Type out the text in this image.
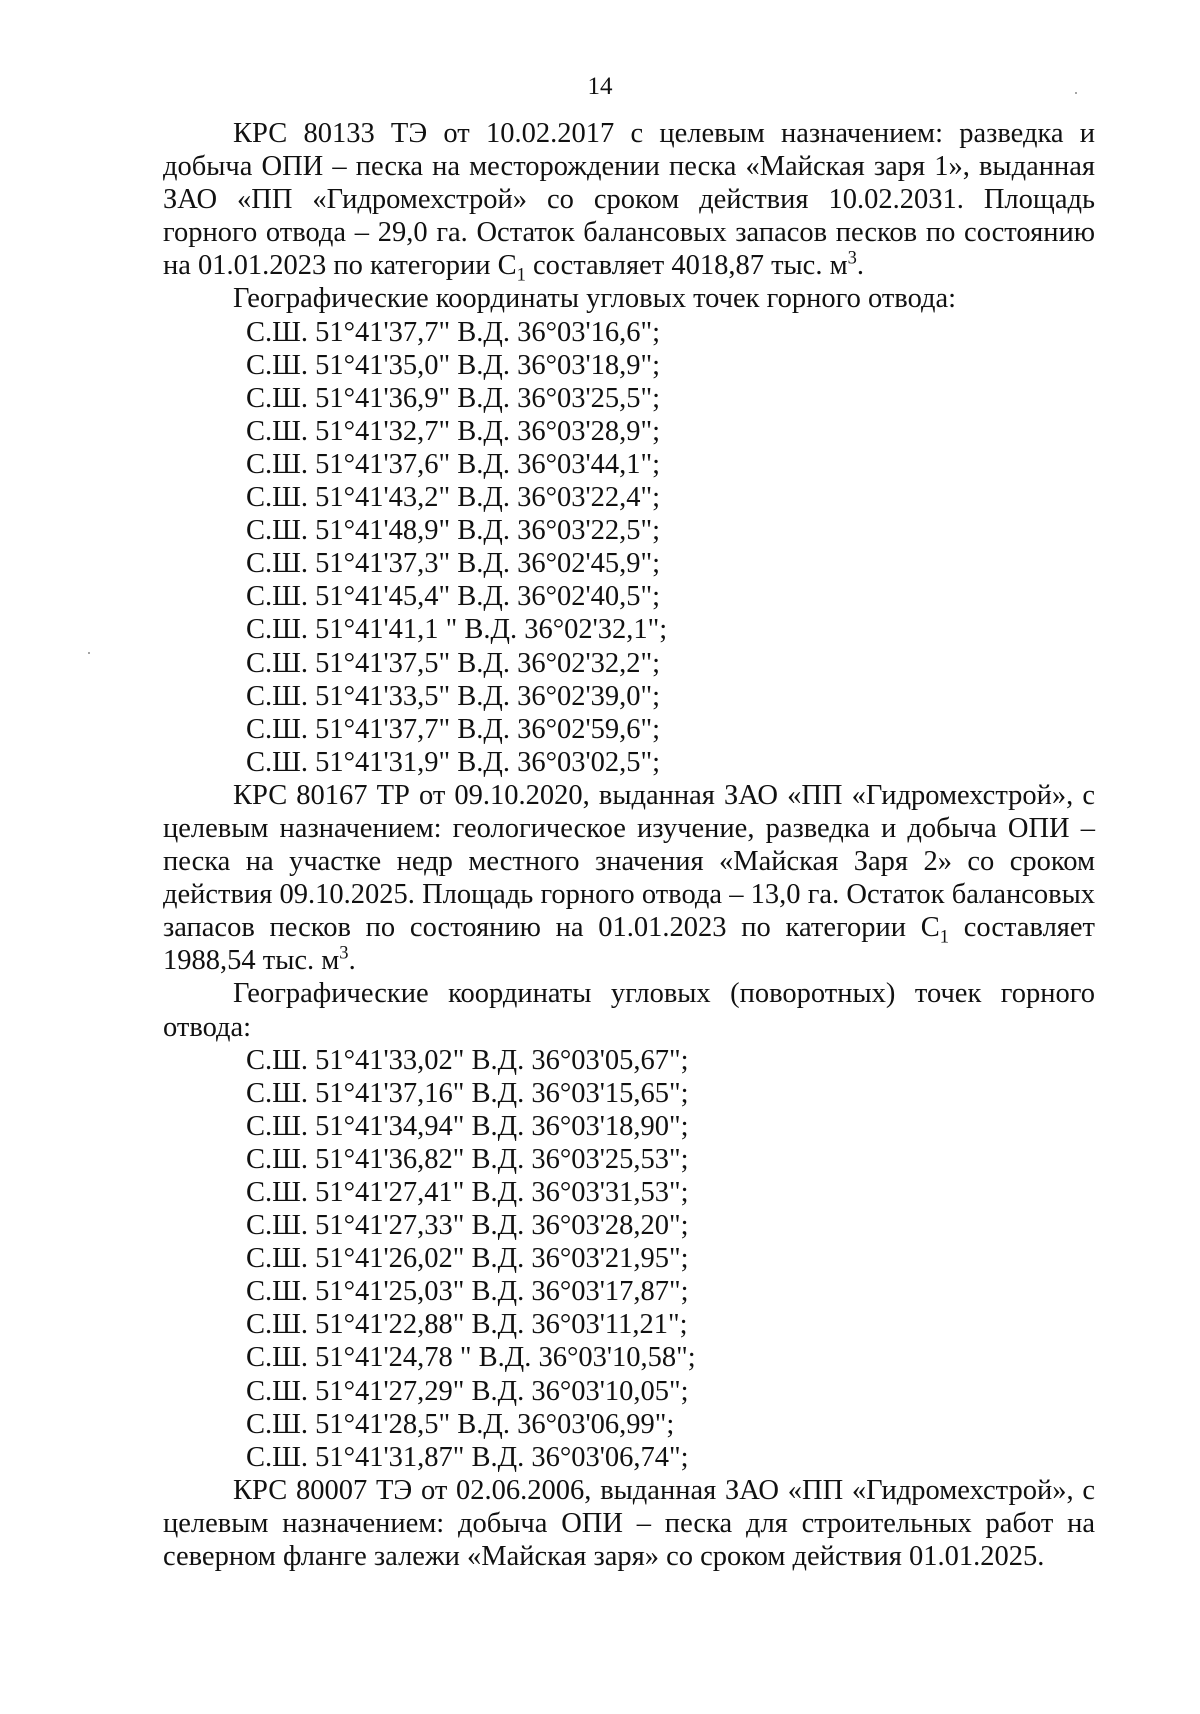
14

КРС 80133 ТЭ от 10.02.2017 с целевым назначением: разведка и добыча ОПИ – песка на месторождении песка «Майская заря 1», выданная ЗАО «ПП «Гидромехстрой» со сроком действия 10.02.2031. Площадь горного отвода – 29,0 га. Остаток балансовых запасов песков по состоянию на 01.01.2023 по категории $С_1$ составляет 4018,87 тыс. $м^3$.

Географические координаты угловых точек горного отвода:

С.Ш. 51°41'37,7" В.Д. 36°03'16,6";
С.Ш. 51°41'35,0" В.Д. 36°03'18,9";
С.Ш. 51°41'36,9" В.Д. 36°03'25,5";
С.Ш. 51°41'32,7" В.Д. 36°03'28,9";
С.Ш. 51°41'37,6" В.Д. 36°03'44,1";
С.Ш. 51°41'43,2" В.Д. 36°03'22,4";
С.Ш. 51°41'48,9" В.Д. 36°03'22,5";
С.Ш. 51°41'37,3" В.Д. 36°02'45,9";
С.Ш. 51°41'45,4" В.Д. 36°02'40,5";
С.Ш. 51°41'41,1 " В.Д. 36°02'32,1";
С.Ш. 51°41'37,5" В.Д. 36°02'32,2";
С.Ш. 51°41'33,5" В.Д. 36°02'39,0";
С.Ш. 51°41'37,7" В.Д. 36°02'59,6";
С.Ш. 51°41'31,9" В.Д. 36°03'02,5";

КРС 80167 ТР от 09.10.2020, выданная ЗАО «ПП «Гидромехстрой», с целевым назначением: геологическое изучение, разведка и добыча ОПИ – песка на участке недр местного значения «Майская Заря 2» со сроком действия 09.10.2025. Площадь горного отвода – 13,0 га. Остаток балансовых запасов песков по состоянию на 01.01.2023 по категории $С_1$ составляет 1988,54 тыс. $м^3$.

Географические координаты угловых (поворотных) точек горного отвода:

С.Ш. 51°41'33,02" В.Д. 36°03'05,67";
С.Ш. 51°41'37,16" В.Д. 36°03'15,65";
С.Ш. 51°41'34,94" В.Д. 36°03'18,90";
С.Ш. 51°41'36,82" В.Д. 36°03'25,53";
С.Ш. 51°41'27,41" В.Д. 36°03'31,53";
С.Ш. 51°41'27,33" В.Д. 36°03'28,20";
С.Ш. 51°41'26,02" В.Д. 36°03'21,95";
С.Ш. 51°41'25,03" В.Д. 36°03'17,87";
С.Ш. 51°41'22,88" В.Д. 36°03'11,21";
С.Ш. 51°41'24,78 " В.Д. 36°03'10,58";
С.Ш. 51°41'27,29" В.Д. 36°03'10,05";
С.Ш. 51°41'28,5" В.Д. 36°03'06,99";
С.Ш. 51°41'31,87" В.Д. 36°03'06,74";

КРС 80007 ТЭ от 02.06.2006, выданная ЗАО «ПП «Гидромехстрой», с целевым назначением: добыча ОПИ – песка для строительных работ на северном фланге залежи «Майская заря» со сроком действия 01.01.2025.
